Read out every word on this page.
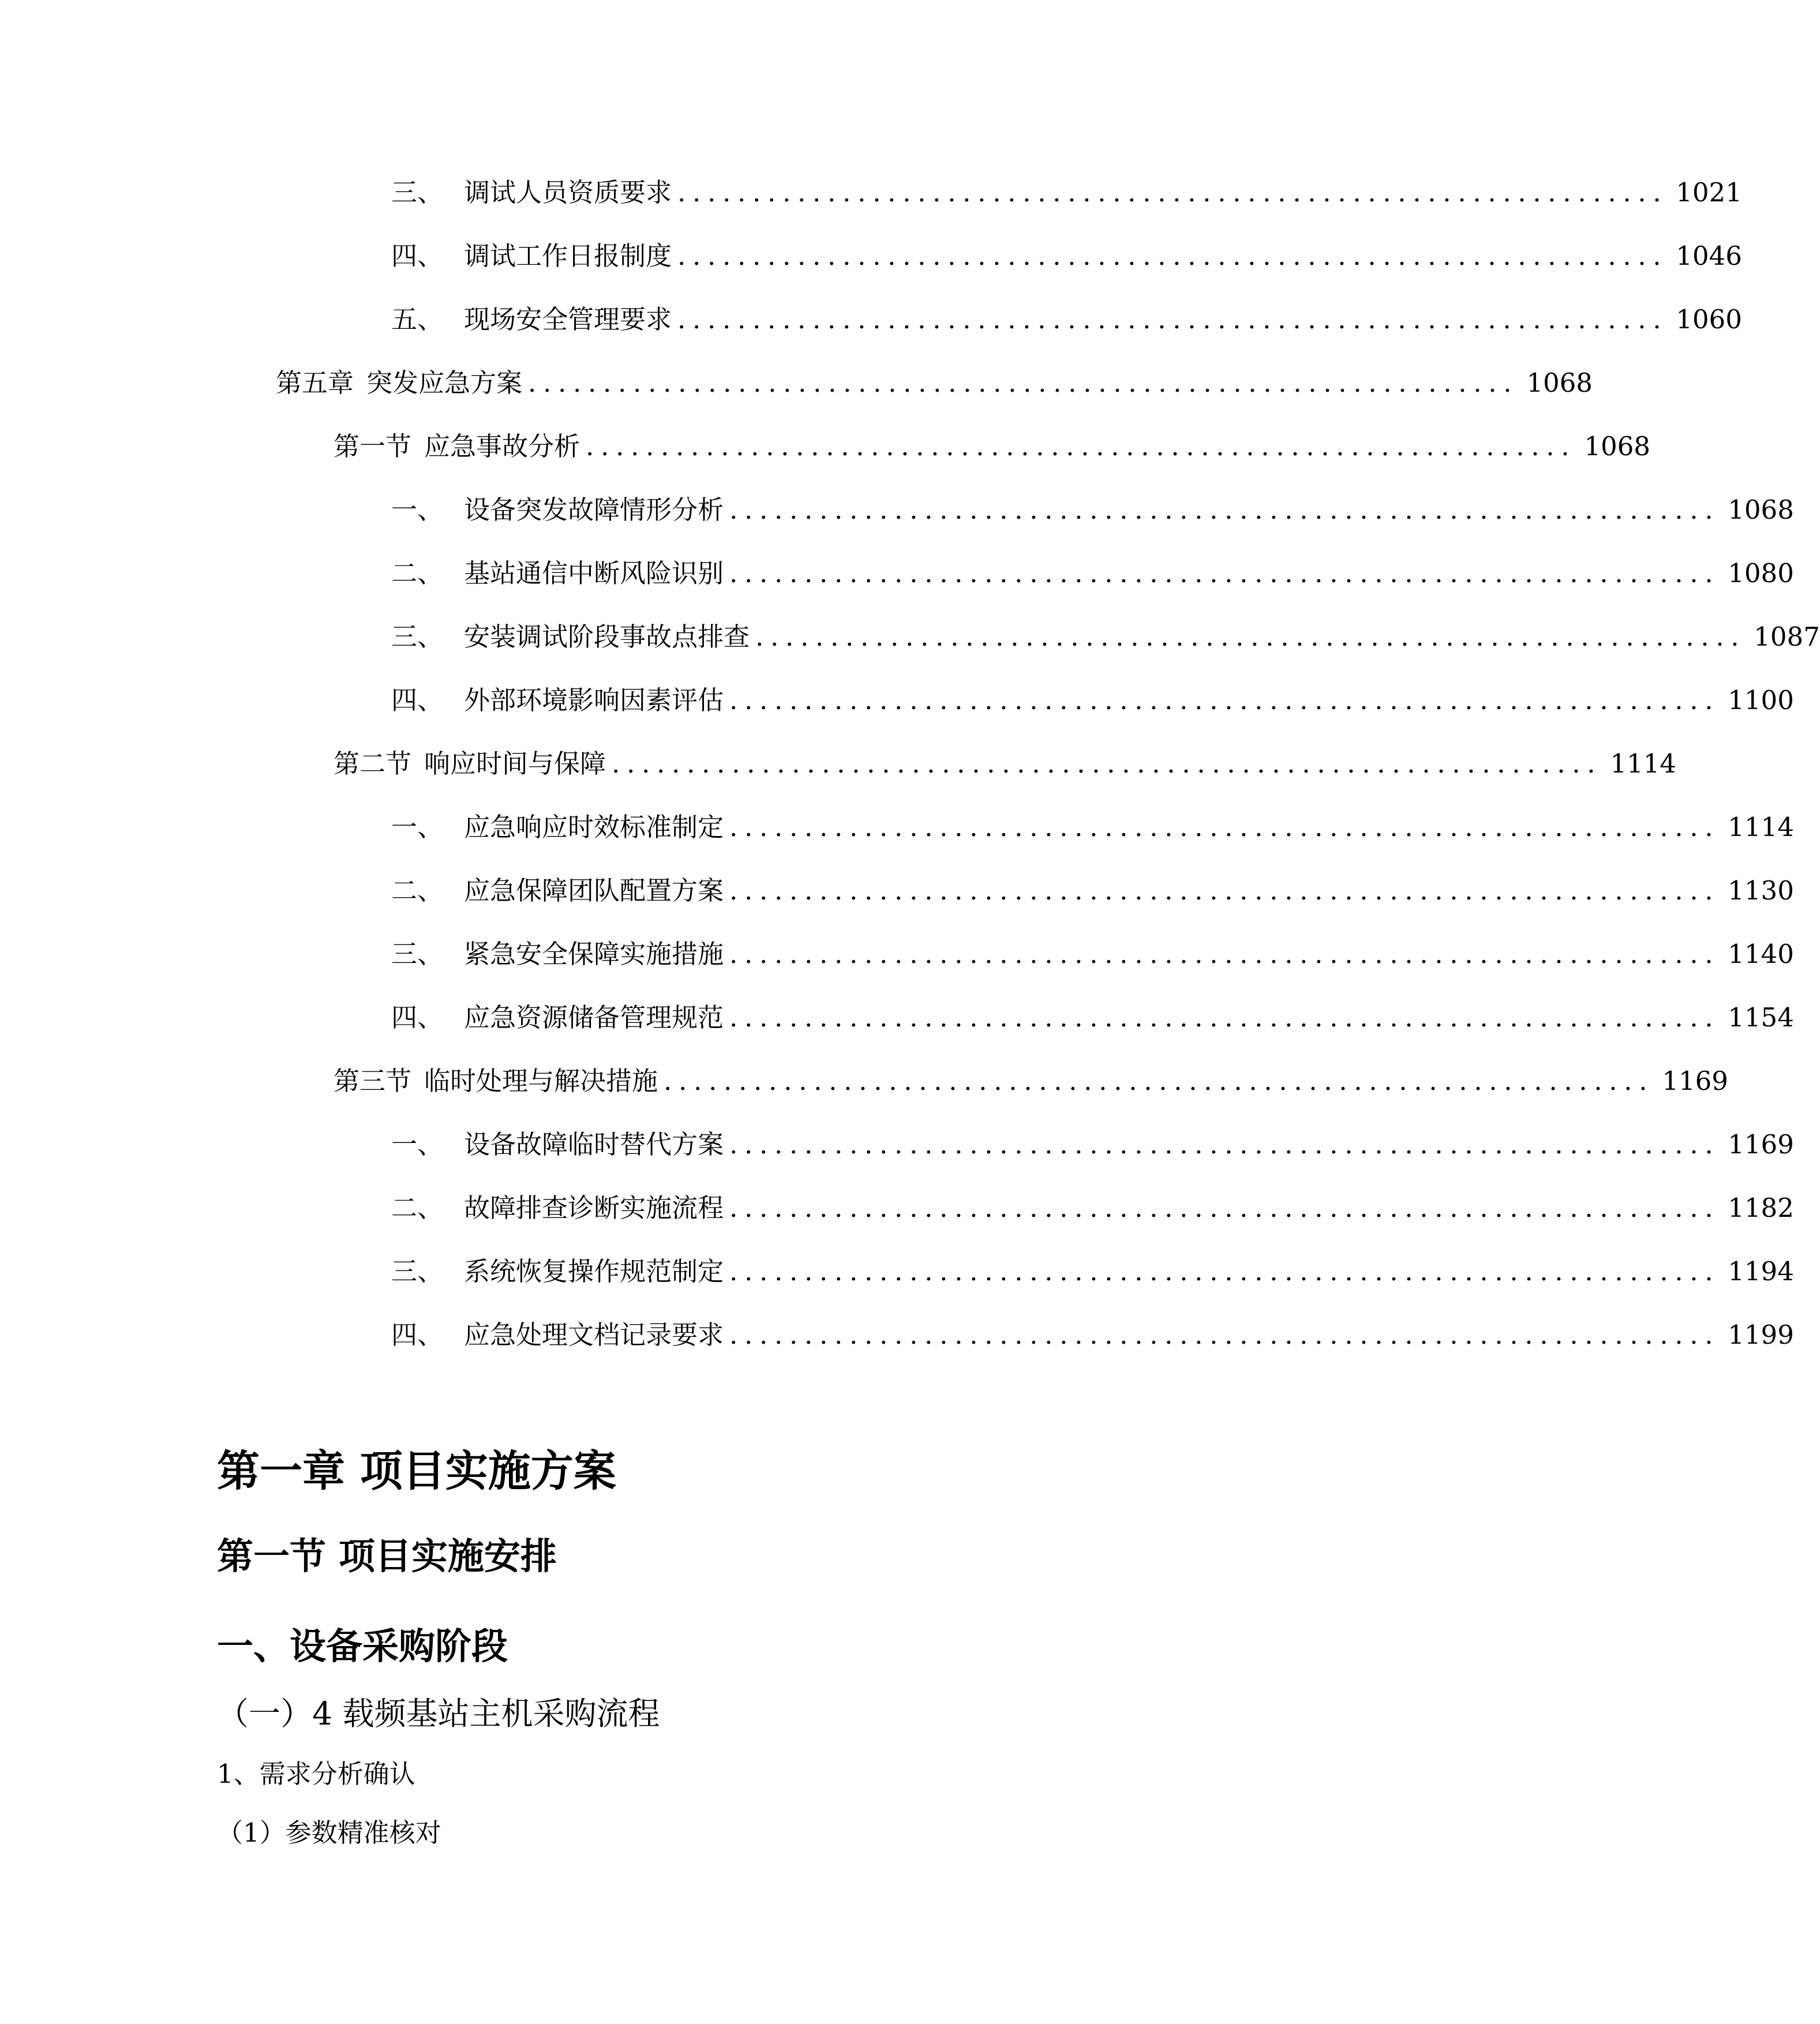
三、 调试人员资质要求 .................................................................. 1021
四、 调试工作日报制度 .................................................................. 1046
五、 现场安全管理要求 .................................................................. 1060
第五章 突发应急方案 .................................................................. 1068
第一节 应急事故分析 .................................................................. 1068
一、 设备突发故障情形分析 .................................................................. 1068
二、 基站通信中断风险识别 .................................................................. 1080
三、 安装调试阶段事故点排查 .................................................................. 1087
四、 外部环境影响因素评估 .................................................................. 1100
第二节 响应时间与保障 .................................................................. 1114
一、 应急响应时效标准制定 .................................................................. 1114
二、 应急保障团队配置方案 .................................................................. 1130
三、 紧急安全保障实施措施 .................................................................. 1140
四、 应急资源储备管理规范 .................................................................. 1154
第三节 临时处理与解决措施 .................................................................. 1169
一、 设备故障临时替代方案 .................................................................. 1169
二、 故障排查诊断实施流程 .................................................................. 1182
三、 系统恢复操作规范制定 .................................................................. 1194
四、 应急处理文档记录要求 .................................................................. 1199
第一章 项目实施方案
第一节 项目实施安排
一、设备采购阶段
（一）4 载频基站主机采购流程
1、需求分析确认
（1）参数精准核对
